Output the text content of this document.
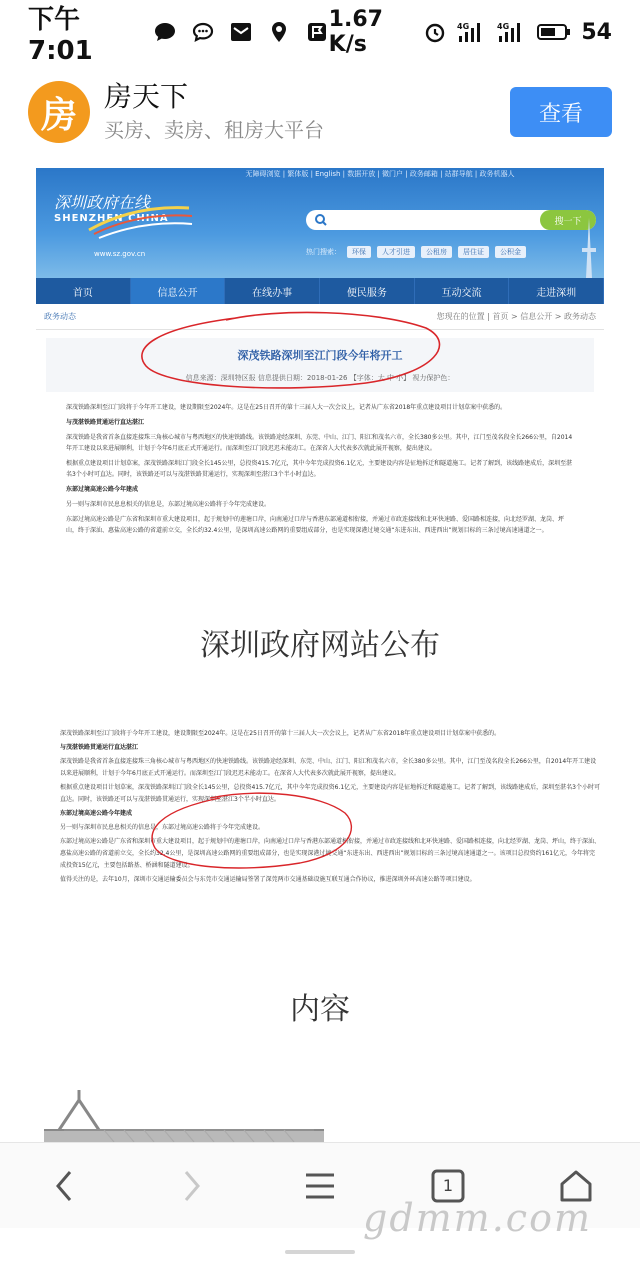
下午7:01
1.67 K/s
4G	4G	54
房 房天下
买房、卖房、租房大平台
查看
无障碍浏览 | 繁体版 | English | 数据开放 | 微门户 | 政务邮箱 | 站群导航 | 政务机器人
深圳政府在线
SHENZHEN CHINA
www.sz.gov.cn
搜一下
热门搜索：	环保	人才引进	公租房	居住证	公积金
首页	信息公开	在线办事	便民服务	互动交流	走进深圳
政务动态	您现在的位置 | 首页 > 信息公开 > 政务动态
深茂铁路深圳至江门段今年将开工
信息来源：深圳特区报 信息提供日期：2018-01-26 【字体：大 中 小】 视力保护色：

深茂铁路深圳至江门段将于今年开工建设，建设期限至2024年。这是在25日召开的第十三届人大一次会议上，记者从广东省2018年重点建设项目计划草案中获悉的。

与茂湛铁路贯通运行直达湛江

深茂铁路是我省首条直接连接珠三角核心城市与粤西地区的快速铁路线。该铁路途经深圳、东莞、中山、江门、阳江和茂名六市，全长380多公里。其中，江门至茂名段全长266公里，自2014年开工建设以来进展顺利，计划于今年6月底正式开通运行。而深圳至江门段迟迟未能动工。在深省人大代表多次就此展开视察，提出建议。

根据重点建设项目计划草案，深茂铁路深圳江门段全长145公里，总投资415.7亿元，其中今年完成投资6.1亿元，主要建设内容是征地拆迁和隧道施工。记者了解到，该线路建成后，深圳至湛名3个小时可直达。同时，该铁路还可以与茂湛铁路贯通运行，实现深圳至湛江3个半小时直达。

东部过境高速公路今年建成

另一则与深圳市民息息相关的信息是，东部过境高速公路将于今年完成建设。

东部过境高速公路是广东省和深圳市重大建设项目，起于规划中的莲塘口岸，向南通过口岸与香港东部通道相衔接，并通过市政连接线和北环快速路、爱国路相连接，向北经罗湖、龙岗、坪山，终于深汕、惠盐高速公路的省道前立交，全长约32.4公里，是深圳高速公路网的重要组成部分，也是实现深港过境交通“东进东出、西进西出”规划目标的三条过境高速通道之一。

深圳政府网站公布

深茂铁路深圳至江门段将于今年开工建设，建设期限至2024年。这是在25日召开的第十三届人大一次会议上，记者从广东省2018年重点建设项目计划草案中获悉的。

与茂湛铁路贯通运行直达湛江

深茂铁路是我省首条直接连接珠三角核心城市与粤西地区的快速铁路线。该铁路途经深圳、东莞、中山、江门、阳江和茂名六市，全长380多公里。其中，江门至茂名段全长266公里，自2014年开工建设以来进展顺利，计划于今年6月底正式开通运行。而深圳至江门段迟迟未能动工。在深省人大代表多次就此展开视察，提出建议。

根据重点建设项目计划草案，深茂铁路深圳江门段全长145公里，总投资415.7亿元，其中今年完成投资6.1亿元，主要建设内容是征地拆迁和隧道施工。记者了解到，该线路建成后，深圳至湛名3个小时可直达。同时，该铁路还可以与茂湛铁路贯通运行，实现深圳至湛江3个半小时直达。

东部过境高速公路今年建成

另一则与深圳市民息息相关的信息是，东部过境高速公路将于今年完成建设。

东部过境高速公路是广东省和深圳市重大建设项目，起于规划中的莲塘口岸，向南通过口岸与香港东部通道相衔接，并通过市政连接线和北环快速路、爱国路相连接，向北经罗湖、龙岗、坪山，终于深汕、惠盐高速公路的省道前立交，全长约32.4公里，是深圳高速公路网的重要组成部分，也是实现深港过境交通“东进东出、西进西出”规划目标的三条过境高速通道之一。该项目总投资约161亿元，今年将完成投资15亿元，主要包括路基、桥涵和隧道建设。

值得关注的是，去年10月，深圳市交通运输委员会与东莞市交通运输局签署了深莞两市交通基础设施互联互通合作协议，推进深圳外环高速公路等项目建设。

内容
1
gdmm.com
